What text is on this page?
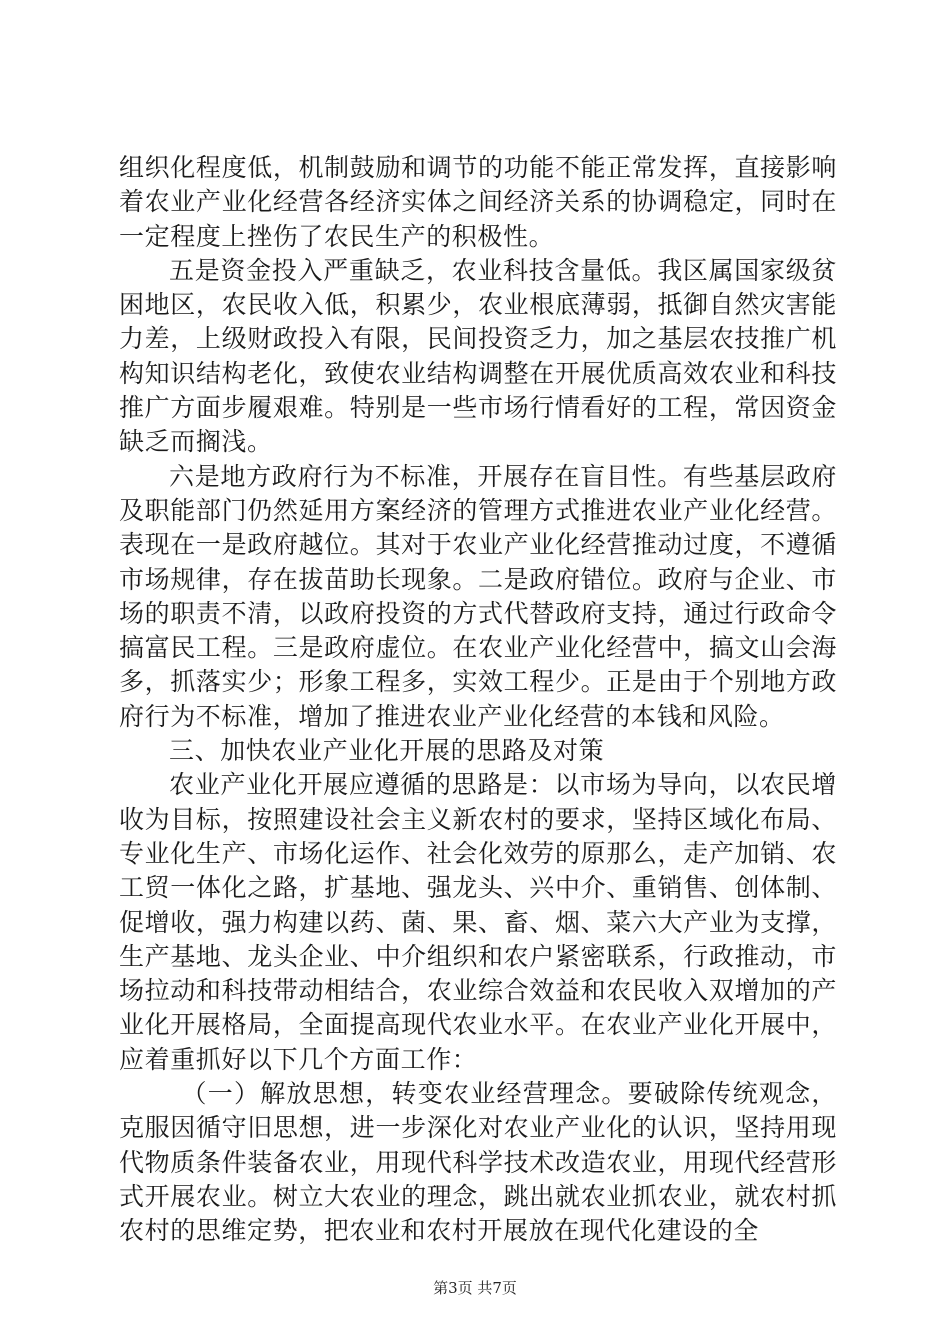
组织化程度低，机制鼓励和调节的功能不能正常发挥，直接影响着农业产业化经营各经济实体之间经济关系的协调稳定，同时在一定程度上挫伤了农民生产的积极性。

五是资金投入严重缺乏，农业科技含量低。我区属国家级贫困地区，农民收入低，积累少，农业根底薄弱，抵御自然灾害能力差，上级财政投入有限，民间投资乏力，加之基层农技推广机构知识结构老化，致使农业结构调整在开展优质高效农业和科技推广方面步履艰难。特别是一些市场行情看好的工程，常因资金缺乏而搁浅。

六是地方政府行为不标准，开展存在盲目性。有些基层政府及职能部门仍然延用方案经济的管理方式推进农业产业化经营。表现在一是政府越位。其对于农业产业化经营推动过度，不遵循市场规律，存在拔苗助长现象。二是政府错位。政府与企业、市场的职责不清，以政府投资的方式代替政府支持，通过行政命令搞富民工程。三是政府虚位。在农业产业化经营中，搞文山会海多，抓落实少；形象工程多，实效工程少。正是由于个别地方政府行为不标准，增加了推进农业产业化经营的本钱和风险。

三、加快农业产业化开展的思路及对策

农业产业化开展应遵循的思路是：以市场为导向，以农民增收为目标，按照建设社会主义新农村的要求，坚持区域化布局、专业化生产、市场化运作、社会化效劳的原那么，走产加销、农工贸一体化之路，扩基地、强龙头、兴中介、重销售、创体制、促增收，强力构建以药、菌、果、畜、烟、菜六大产业为支撑，生产基地、龙头企业、中介组织和农户紧密联系，行政推动，市场拉动和科技带动相结合，农业综合效益和农民收入双增加的产业化开展格局，全面提高现代农业水平。在农业产业化开展中，应着重抓好以下几个方面工作：

（一）解放思想，转变农业经营理念。要破除传统观念，克服因循守旧思想，进一步深化对农业产业化的认识，坚持用现代物质条件装备农业，用现代科学技术改造农业，用现代经营形式开展农业。树立大农业的理念，跳出就农业抓农业，就农村抓农村的思维定势，把农业和农村开展放在现代化建设的全

第3页 共7页
